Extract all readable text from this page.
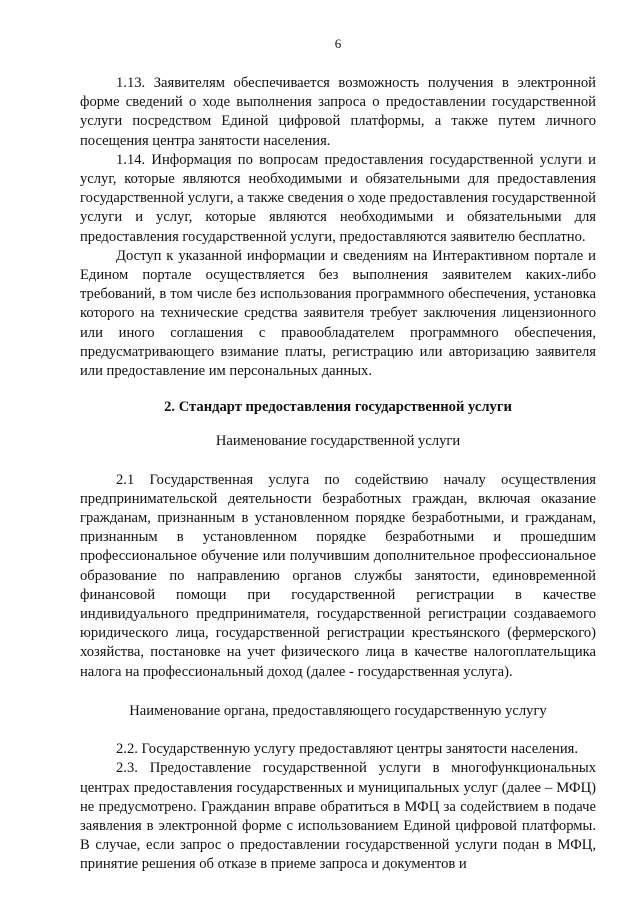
6

1.13. Заявителям обеспечивается возможность получения в электронной форме сведений о ходе выполнения запроса о предоставлении государственной услуги посредством Единой цифровой платформы, а также путем личного посещения центра занятости населения.

1.14. Информация по вопросам предоставления государственной услуги и услуг, которые являются необходимыми и обязательными для предоставления государственной услуги, а также сведения о ходе предоставления государственной услуги и услуг, которые являются необходимыми и обязательными для предоставления государственной услуги, предоставляются заявителю бесплатно.

Доступ к указанной информации и сведениям на Интерактивном портале и Едином портале осуществляется без выполнения заявителем каких-либо требований, в том числе без использования программного обеспечения, установка которого на технические средства заявителя требует заключения лицензионного или иного соглашения с правообладателем программного обеспечения, предусматривающего взимание платы, регистрацию или авторизацию заявителя или предоставление им персональных данных.

2. Стандарт предоставления государственной услуги
Наименование государственной услуги

2.1 Государственная услуга по содействию началу осуществления предпринимательской деятельности безработных граждан, включая оказание гражданам, признанным в установленном порядке безработными, и гражданам, признанным в установленном порядке безработными и прошедшим профессиональное обучение или получившим дополнительное профессиональное образование по направлению органов службы занятости, единовременной финансовой помощи при государственной регистрации в качестве индивидуального предпринимателя, государственной регистрации создаваемого юридического лица, государственной регистрации крестьянского (фермерского) хозяйства, постановке на учет физического лица в качестве налогоплательщика налога на профессиональный доход (далее - государственная услуга).

Наименование органа, предоставляющего государственную услугу

2.2. Государственную услугу предоставляют центры занятости населения.

2.3. Предоставление государственной услуги в многофункциональных центрах предоставления государственных и муниципальных услуг (далее – МФЦ) не предусмотрено. Гражданин вправе обратиться в МФЦ за содействием в подаче заявления в электронной форме с использованием Единой цифровой платформы. В случае, если запрос о предоставлении государственной услуги подан в МФЦ, принятие решения об отказе в приеме запроса и документов и
